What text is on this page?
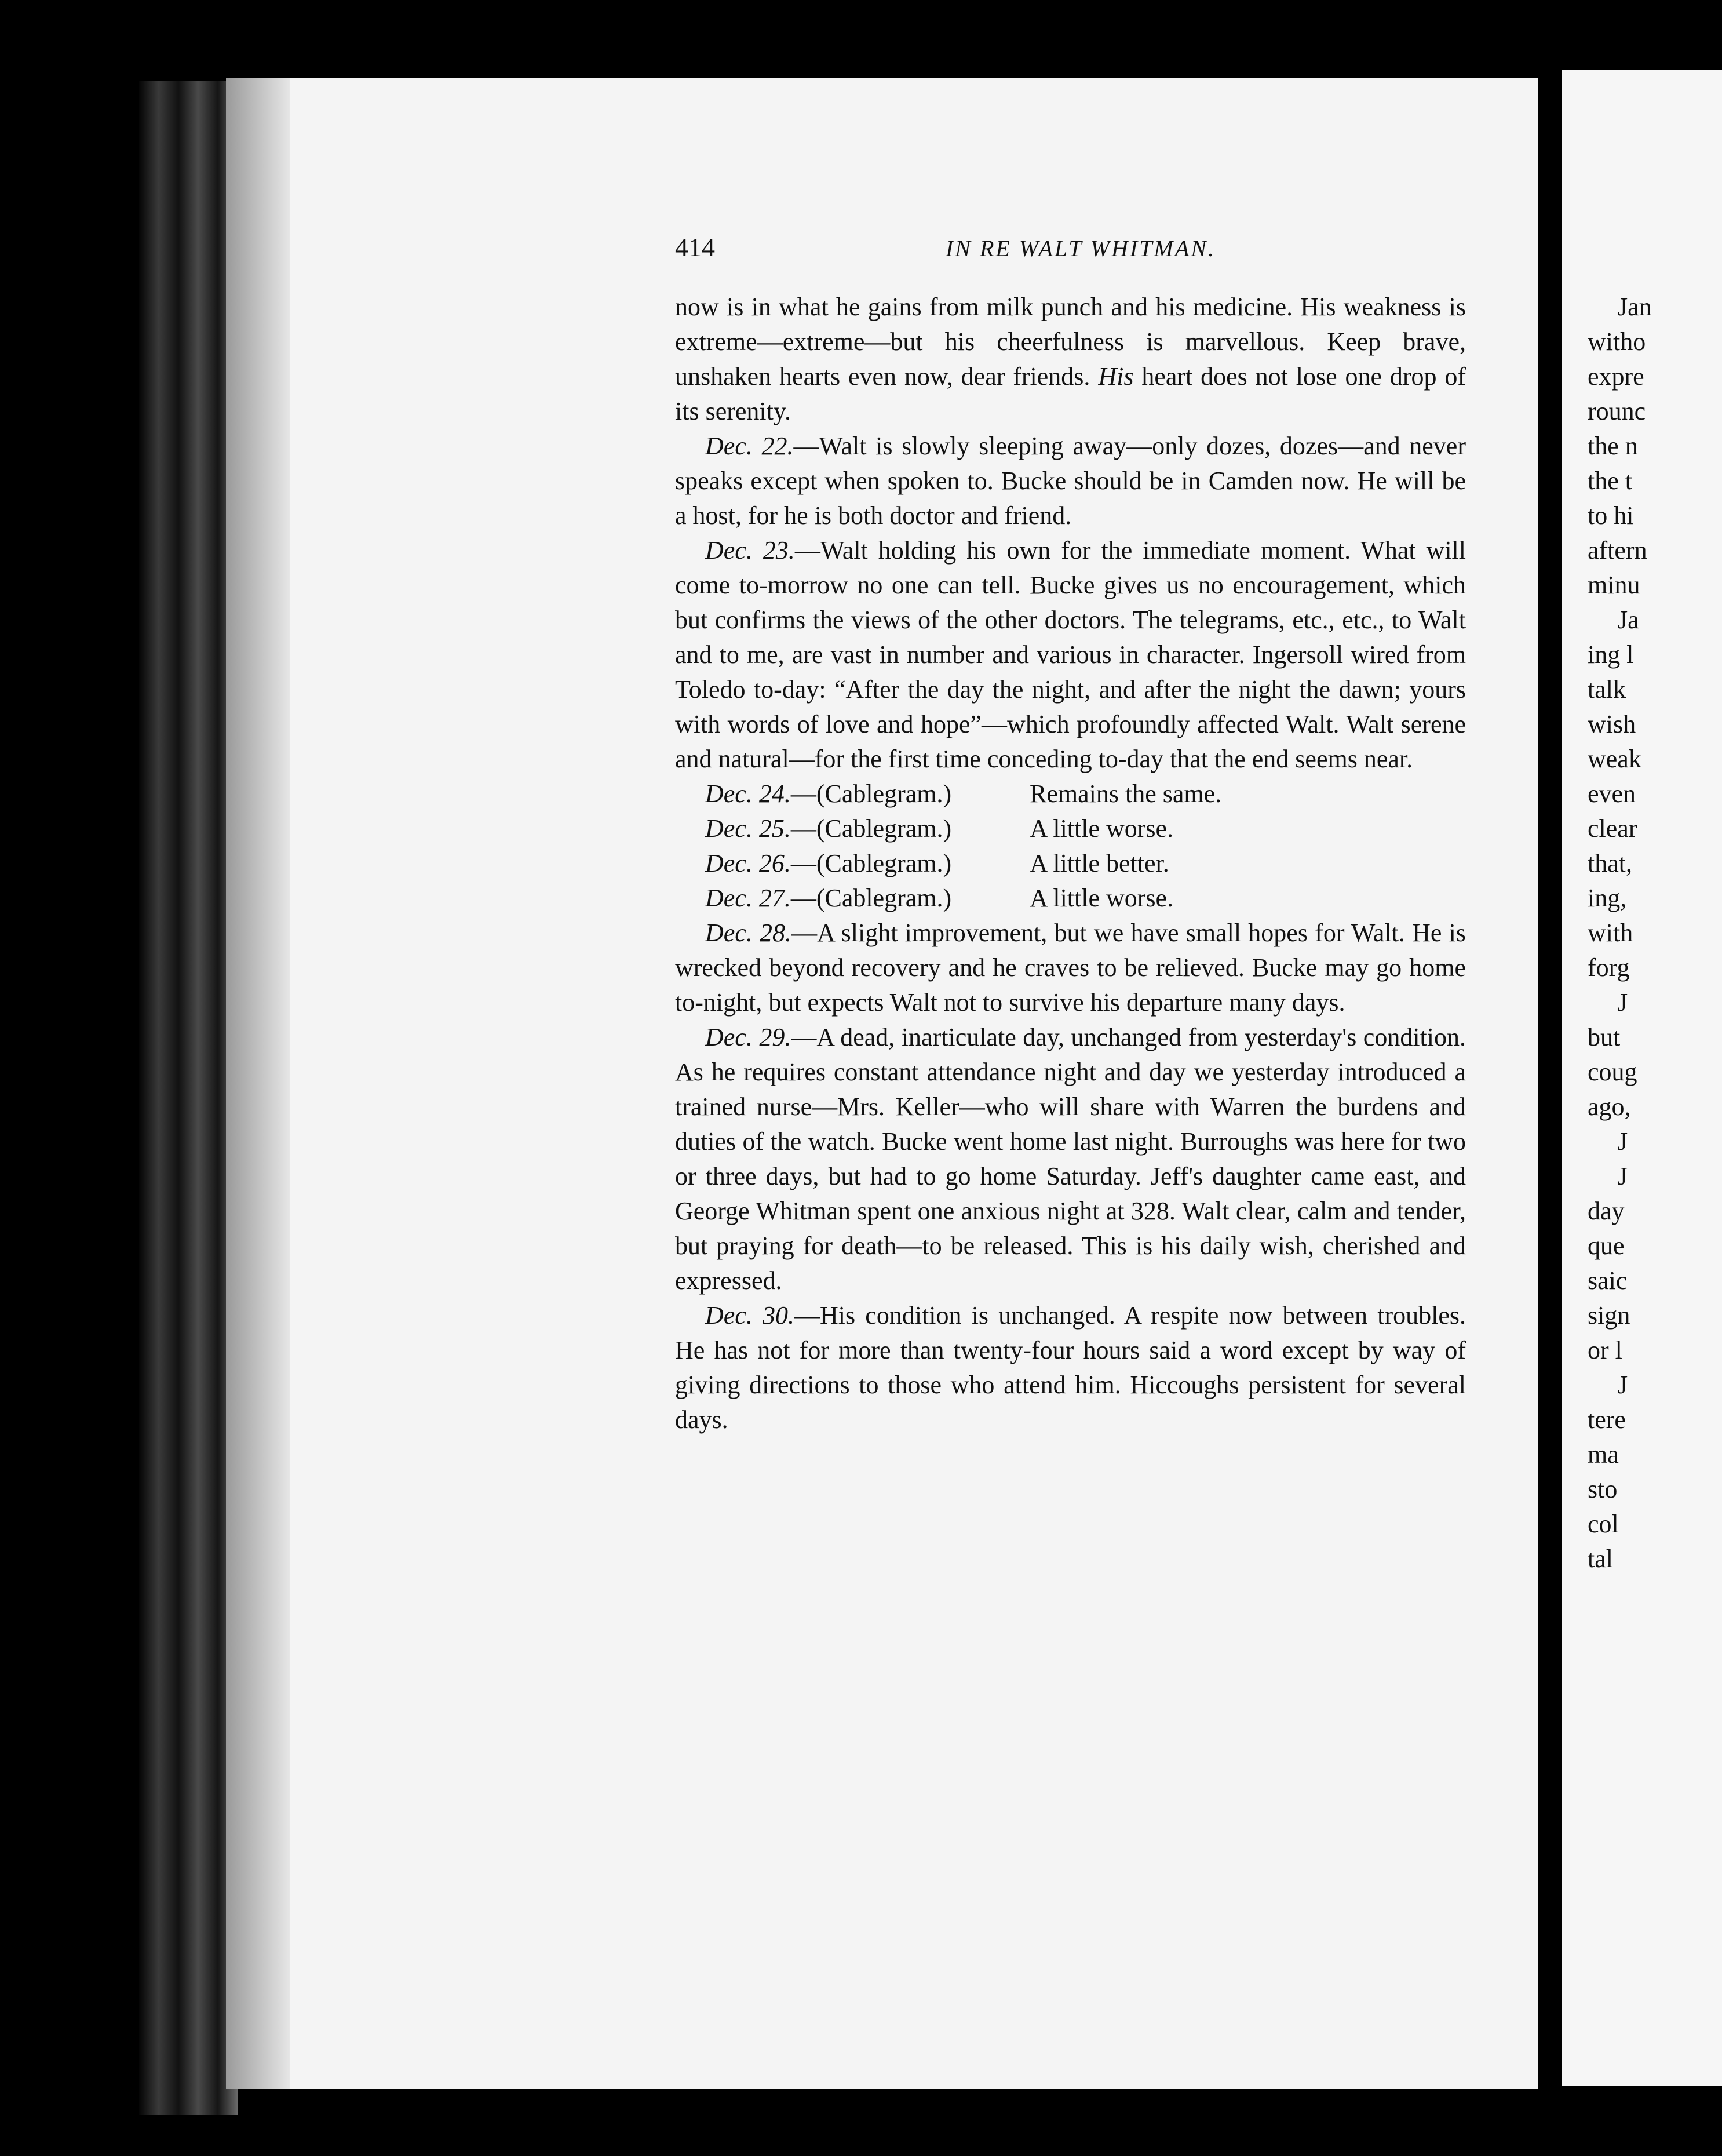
414	IN RE WALT WHITMAN.

now is in what he gains from milk punch and his medicine. His weakness is extreme—extreme—but his cheerfulness is marvellous. Keep brave, unshaken hearts even now, dear friends. His heart does not lose one drop of its serenity.

Dec. 22.—Walt is slowly sleeping away—only dozes, dozes—and never speaks except when spoken to. Bucke should be in Camden now. He will be a host, for he is both doctor and friend.

Dec. 23.—Walt holding his own for the immediate moment. What will come to-morrow no one can tell. Bucke gives us no encouragement, which but confirms the views of the other doctors. The telegrams, etc., etc., to Walt and to me, are vast in number and various in character. Ingersoll wired from Toledo to-day: “After the day the night, and after the night the dawn; yours with words of love and hope”—which profoundly affected Walt. Walt serene and natural—for the first time conceding to-day that the end seems near.

Dec. 24.—(Cablegram.)	Remains the same.
Dec. 25.—(Cablegram.)	A little worse.
Dec. 26.—(Cablegram.)	A little better.
Dec. 27.—(Cablegram.)	A little worse.

Dec. 28.—A slight improvement, but we have small hopes for Walt. He is wrecked beyond recovery and he craves to be relieved. Bucke may go home to-night, but expects Walt not to survive his departure many days.

Dec. 29.—A dead, inarticulate day, unchanged from yesterday's condition. As he requires constant attendance night and day we yesterday introduced a trained nurse—Mrs. Keller—who will share with Warren the burdens and duties of the watch. Bucke went home last night. Burroughs was here for two or three days, but had to go home Saturday. Jeff's daughter came east, and George Whitman spent one anxious night at 328. Walt clear, calm and tender, but praying for death—to be released. This is his daily wish, cherished and expressed.

Dec. 30.—His condition is unchanged. A respite now between troubles. He has not for more than twenty-four hours said a word except by way of giving directions to those who attend him. Hiccoughs persistent for several days.

Jan
witho
expre
rounc
the n
the t
to hi
aftern
minu
Ja
ing l
talk
wish
weak
even
clear
that,
ing,
with
forg
J
but
coug
ago,
J
J
day
que
saic
sign
or l
J
tere
ma
sto
col
tal
